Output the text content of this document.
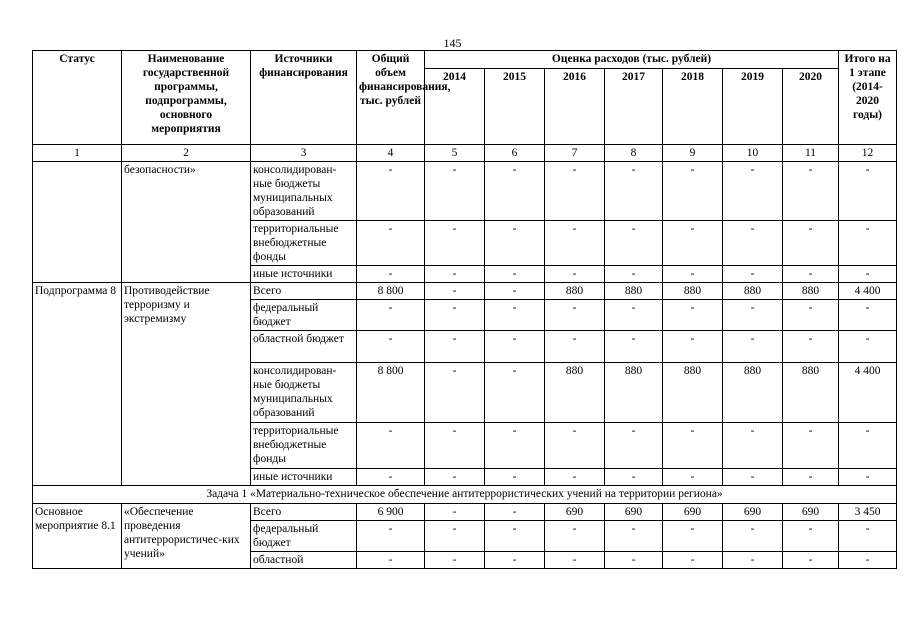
145
Статус	Наименование государственной программы, подпрограммы, основного мероприятия	Источники финансирования	Общий объем финансирования, тыс. рублей	Оценка расходов (тыс. рублей)							Итого на 1 этапе (2014-2020 годы)
				2014	2015	2016	2017	2018	2019	2020	
1	2	3	4	5	6	7	8	9	10	11	12
	безопасности»	консолидирован-ные бюджеты муниципальных образований	-	-	-	-	-	-	-	-	-
		территориальные внебюджетные фонды	-	-	-	-	-	-	-	-	-
		иные источники	-	-	-	-	-	-	-	-	-
Подпрограмма 8	Противодействие терроризму и экстремизму	Всего	8 800	-	-	880	880	880	880	880	4 400
		федеральный бюджет	-	-	-	-	-	-	-	-	-
		областной бюджет	-	-	-	-	-	-	-	-	-
		консолидирован-ные бюджеты муниципальных образований	8 800	-	-	880	880	880	880	880	4 400
		территориальные внебюджетные фонды	-	-	-	-	-	-	-	-	-
		иные источники	-	-	-	-	-	-	-	-	-
Задача 1 «Материально-техническое обеспечение антитеррористических учений на территории региона»											
Основное мероприятие 8.1	«Обеспечение проведения антитеррористичес-ких учений»	Всего	6 900	-	-	690	690	690	690	690	3 450
		федеральный бюджет	-	-	-	-	-	-	-	-	-
		областной	-	-	-	-	-	-	-	-	-
